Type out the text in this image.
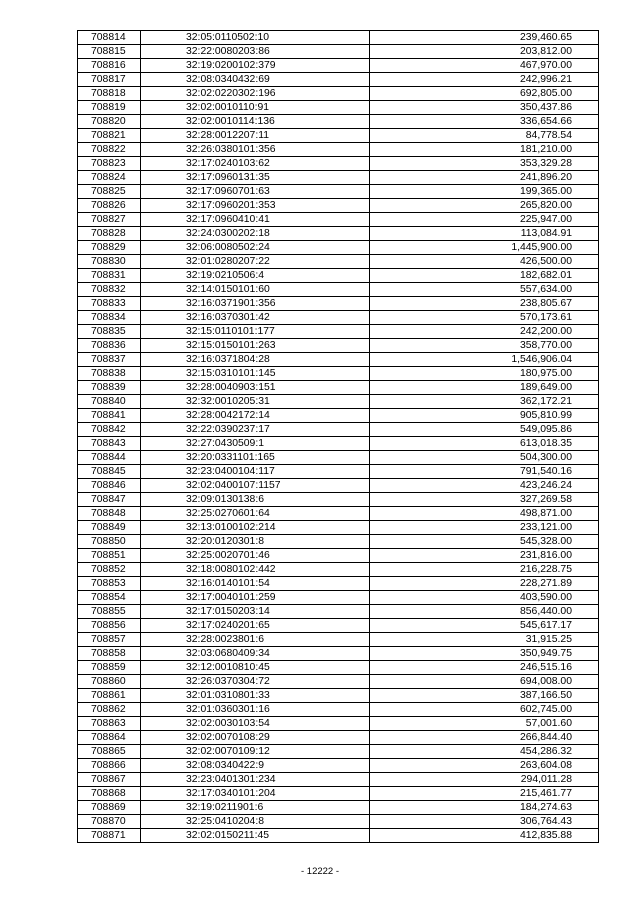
708814	32:05:0110502:10	239,460.65
708815	32:22:0080203:86	203,812.00
708816	32:19:0200102:379	467,970.00
708817	32:08:0340432:69	242,996.21
708818	32:02:0220302:196	692,805.00
708819	32:02:0010110:91	350,437.86
708820	32:02:0010114:136	336,654.66
708821	32:28:0012207:11	84,778.54
708822	32:26:0380101:356	181,210.00
708823	32:17:0240103:62	353,329.28
708824	32:17:0960131:35	241,896.20
708825	32:17:0960701:63	199,365.00
708826	32:17:0960201:353	265,820.00
708827	32:17:0960410:41	225,947.00
708828	32:24:0300202:18	113,084.91
708829	32:06:0080502:24	1,445,900.00
708830	32:01:0280207:22	426,500.00
708831	32:19:0210506:4	182,682.01
708832	32:14:0150101:60	557,634.00
708833	32:16:0371901:356	238,805.67
708834	32:16:0370301:42	570,173.61
708835	32:15:0110101:177	242,200.00
708836	32:15:0150101:263	358,770.00
708837	32:16:0371804:28	1,546,906.04
708838	32:15:0310101:145	180,975.00
708839	32:28:0040903:151	189,649.00
708840	32:32:0010205:31	362,172.21
708841	32:28:0042172:14	905,810.99
708842	32:22:0390237:17	549,095.86
708843	32:27:0430509:1	613,018.35
708844	32:20:0331101:165	504,300.00
708845	32:23:0400104:117	791,540.16
708846	32:02:0400107:1157	423,246.24
708847	32:09:0130138:6	327,269.58
708848	32:25:0270601:64	498,871.00
708849	32:13:0100102:214	233,121.00
708850	32:20:0120301:8	545,328.00
708851	32:25:0020701:46	231,816.00
708852	32:18:0080102:442	216,228.75
708853	32:16:0140101:54	228,271.89
708854	32:17:0040101:259	403,590.00
708855	32:17:0150203:14	856,440.00
708856	32:17:0240201:65	545,617.17
708857	32:28:0023801:6	31,915.25
708858	32:03:0680409:34	350,949.75
708859	32:12:0010810:45	246,515.16
708860	32:26:0370304:72	694,008.00
708861	32:01:0310801:33	387,166.50
708862	32:01:0360301:16	602,745.00
708863	32:02:0030103:54	57,001.60
708864	32:02:0070108:29	266,844.40
708865	32:02:0070109:12	454,286.32
708866	32:08:0340422:9	263,604.08
708867	32:23:0401301:234	294,011.28
708868	32:17:0340101:204	215,461.77
708869	32:19:0211901:6	184,274.63
708870	32:25:0410204:8	306,764.43
708871	32:02:0150211:45	412,835.88
- 12222 -
